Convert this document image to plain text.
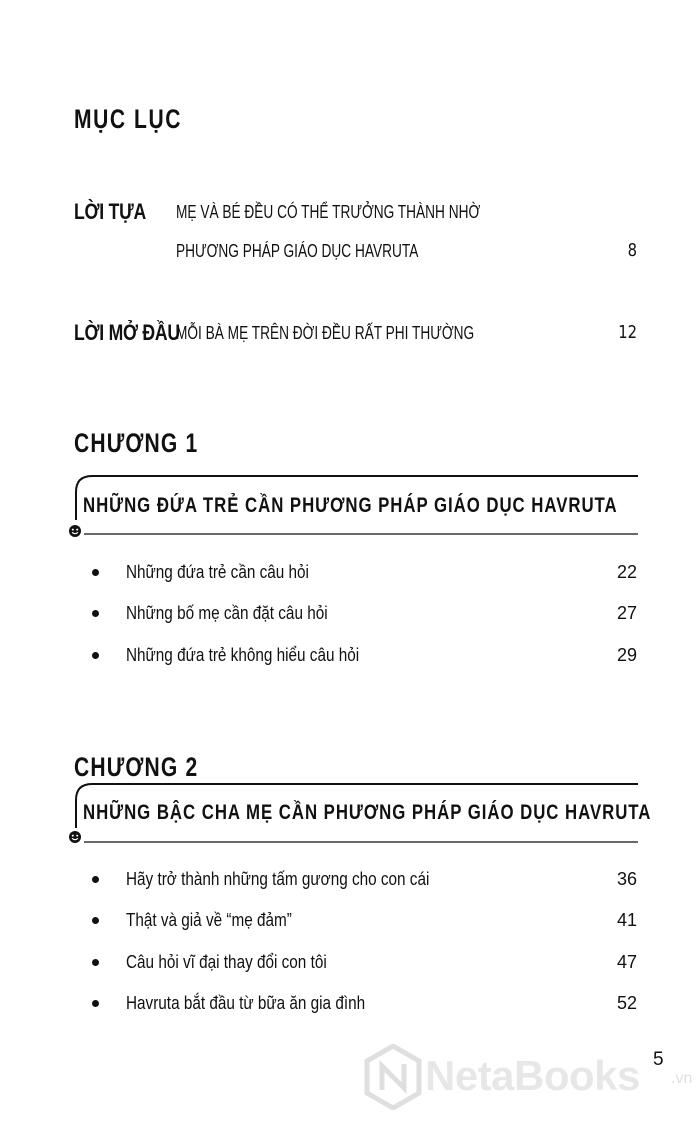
MỤC LỤC
LỜI TỰA MẸ VÀ BÉ ĐỀU CÓ THỂ TRƯỞNG THÀNH NHỜ
PHƯƠNG PHÁP GIÁO DỤC HAVRUTA	8
LỜI MỞ ĐẦU
MỖI BÀ MẸ TRÊN ĐỜI ĐỀU RẤT PHI THƯỜNG	12
CHƯƠNG 1
NHỮNG ĐỨA TRẺ CẦN PHƯƠNG PHÁP GIÁO DỤC HAVRUTA
Những đứa trẻ cần câu hỏi	22
Những bố mẹ cần đặt câu hỏi	27
Những đứa trẻ không hiểu câu hỏi	29
CHƯƠNG 2
NHỮNG BẬC CHA MẸ CẦN PHƯƠNG PHÁP GIÁO DỤC HAVRUTA
Hãy trở thành những tấm gương cho con cái	36
Thật và giả về “mẹ đảm”	41
Câu hỏi vĩ đại thay đổi con tôi	47
Havruta bắt đầu từ bữa ăn gia đình	52
NetaBooks .vn
5
